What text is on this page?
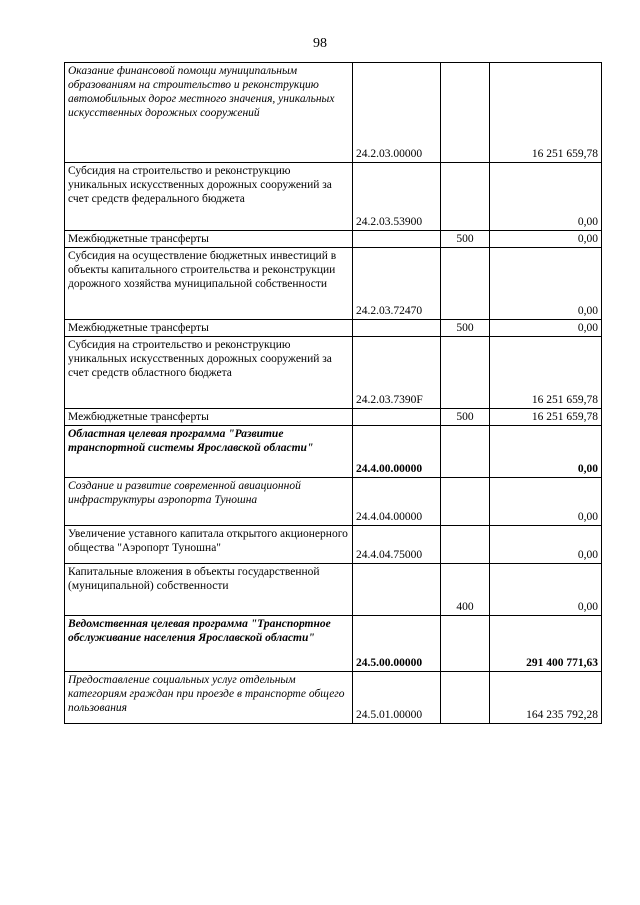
98
Оказание финансовой помощи муниципальным образованиям на строительство и реконструкцию автомобильных дорог местного значения, уникальных искусственных дорожных сооружений	24.2.03.00000		16 251 659,78
Субсидия на строительство и реконструкцию уникальных искусственных дорожных сооружений за счет средств федерального бюджета	24.2.03.53900		0,00
Межбюджетные трансферты		500	0,00
Субсидия на осуществление бюджетных инвестиций в объекты капитального строительства и реконструкции дорожного хозяйства муниципальной собственности	24.2.03.72470		0,00
Межбюджетные трансферты		500	0,00
Субсидия на строительство и реконструкцию уникальных искусственных дорожных сооружений за счет средств областного бюджета	24.2.03.7390F		16 251 659,78
Межбюджетные трансферты		500	16 251 659,78
Областная целевая программа "Развитие транспортной системы Ярославской области"	24.4.00.00000		0,00
Создание и развитие современной авиационной инфраструктуры аэропорта Туношна	24.4.04.00000		0,00
Увеличение уставного капитала открытого акционерного общества "Аэропорт Туношна"	24.4.04.75000		0,00
Капитальные вложения в объекты государственной (муниципальной) собственности		400	0,00
Ведомственная целевая программа "Транспортное обслуживание населения Ярославской области"	24.5.00.00000		291 400 771,63
Предоставление социальных услуг отдельным категориям граждан при проезде в транспорте общего пользования	24.5.01.00000		164 235 792,28
